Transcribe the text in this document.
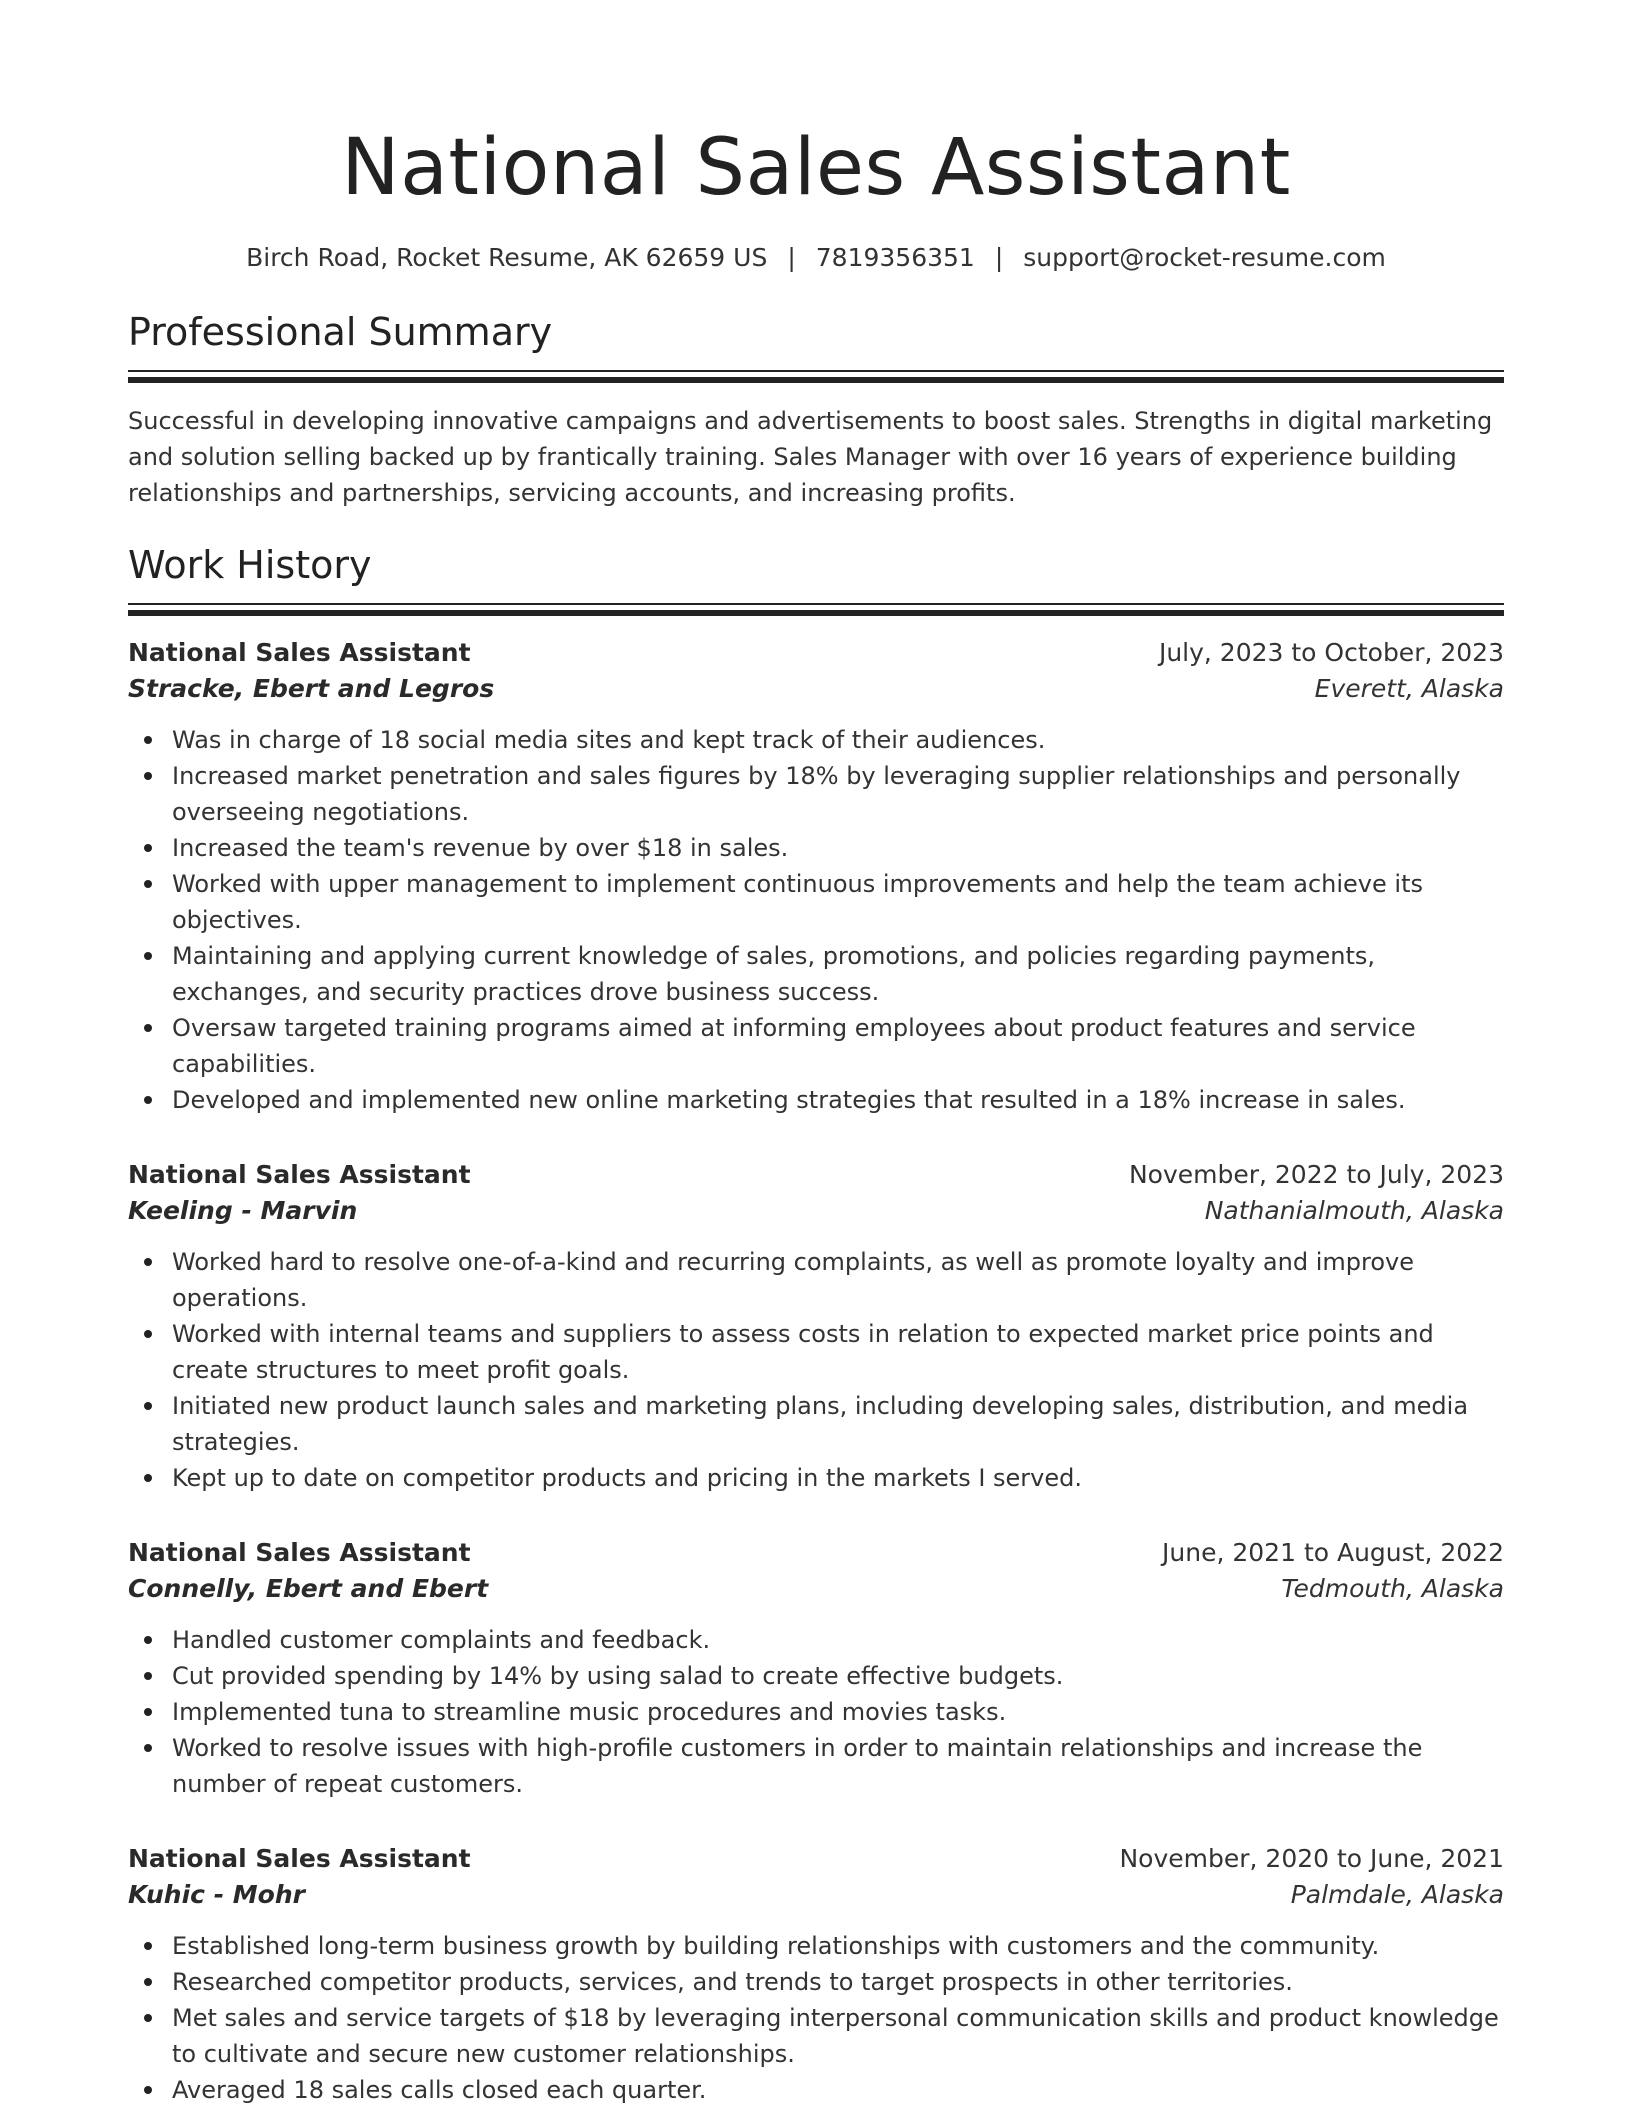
National Sales Assistant
Birch Road, Rocket Resume, AK 62659 US | 7819356351 | support@rocket-resume.com
Professional Summary

Successful in developing innovative campaigns and advertisements to boost sales. Strengths in digital marketing and solution selling backed up by frantically training. Sales Manager with over 16 years of experience building relationships and partnerships, servicing accounts, and increasing profits.

Work History
National Sales Assistant	July, 2023 to October, 2023
Stracke, Ebert and Legros	Everett, Alaska
Was in charge of 18 social media sites and kept track of their audiences.
Increased market penetration and sales figures by 18% by leveraging supplier relationships and personally overseeing negotiations.
Increased the team's revenue by over $18 in sales.
Worked with upper management to implement continuous improvements and help the team achieve its objectives.
Maintaining and applying current knowledge of sales, promotions, and policies regarding payments, exchanges, and security practices drove business success.
Oversaw targeted training programs aimed at informing employees about product features and service capabilities.
Developed and implemented new online marketing strategies that resulted in a 18% increase in sales.
National Sales Assistant	November, 2022 to July, 2023
Keeling - Marvin	Nathanialmouth, Alaska
Worked hard to resolve one-of-a-kind and recurring complaints, as well as promote loyalty and improve operations.
Worked with internal teams and suppliers to assess costs in relation to expected market price points and create structures to meet profit goals.
Initiated new product launch sales and marketing plans, including developing sales, distribution, and media strategies.
Kept up to date on competitor products and pricing in the markets I served.
National Sales Assistant	June, 2021 to August, 2022
Connelly, Ebert and Ebert	Tedmouth, Alaska
Handled customer complaints and feedback.
Cut provided spending by 14% by using salad to create effective budgets.
Implemented tuna to streamline music procedures and movies tasks.
Worked to resolve issues with high-profile customers in order to maintain relationships and increase the number of repeat customers.
National Sales Assistant	November, 2020 to June, 2021
Kuhic - Mohr	Palmdale, Alaska
Established long-term business growth by building relationships with customers and the community.
Researched competitor products, services, and trends to target prospects in other territories.
Met sales and service targets of $18 by leveraging interpersonal communication skills and product knowledge to cultivate and secure new customer relationships.
Averaged 18 sales calls closed each quarter.
